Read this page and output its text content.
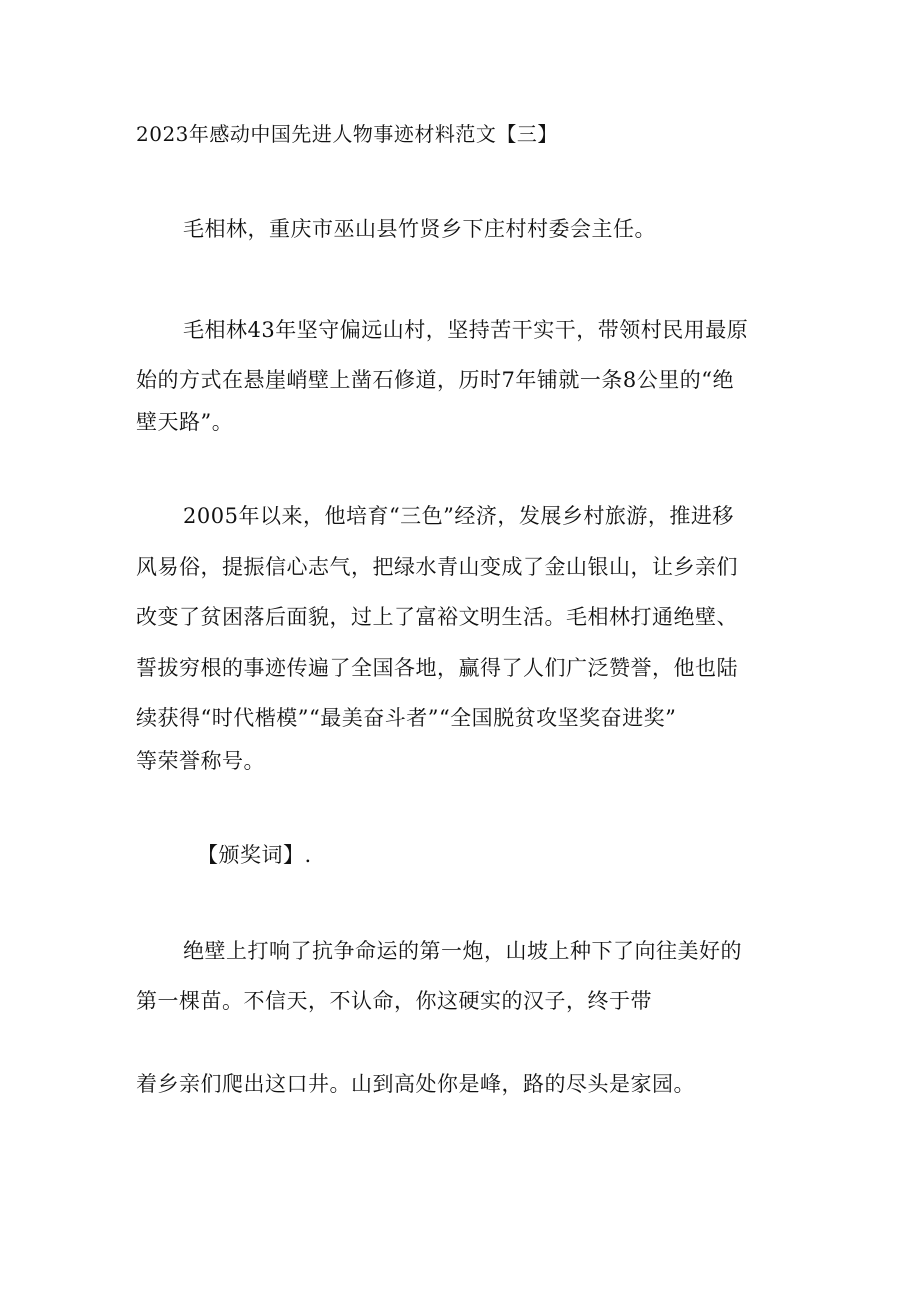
2023年感动中国先进人物事迹材料范文【三】
毛相林，重庆市巫山县竹贤乡下庄村村委会主任。
毛相林43年坚守偏远山村，坚持苦干实干，带领村民用最原
始的方式在悬崖峭壁上凿石修道，历时7年铺就一条8公里的“绝
壁天路”。
2005年以来，他培育“三色”经济，发展乡村旅游，推进移
风易俗，提振信心志气，把绿水青山变成了金山银山，让乡亲们
改变了贫困落后面貌，过上了富裕文明生活。毛相林打通绝壁、
誓拔穷根的事迹传遍了全国各地，赢得了人们广泛赞誉，他也陆
续获得“时代楷模”“最美奋斗者”“全国脱贫攻坚奖奋进奖”
等荣誉称号。
【颁奖词】.
绝壁上打响了抗争命运的第一炮，山坡上种下了向往美好的
第一棵苗。不信天，不认命，你这硬实的汉子，终于带
着乡亲们爬出这口井。山到高处你是峰，路的尽头是家园。
